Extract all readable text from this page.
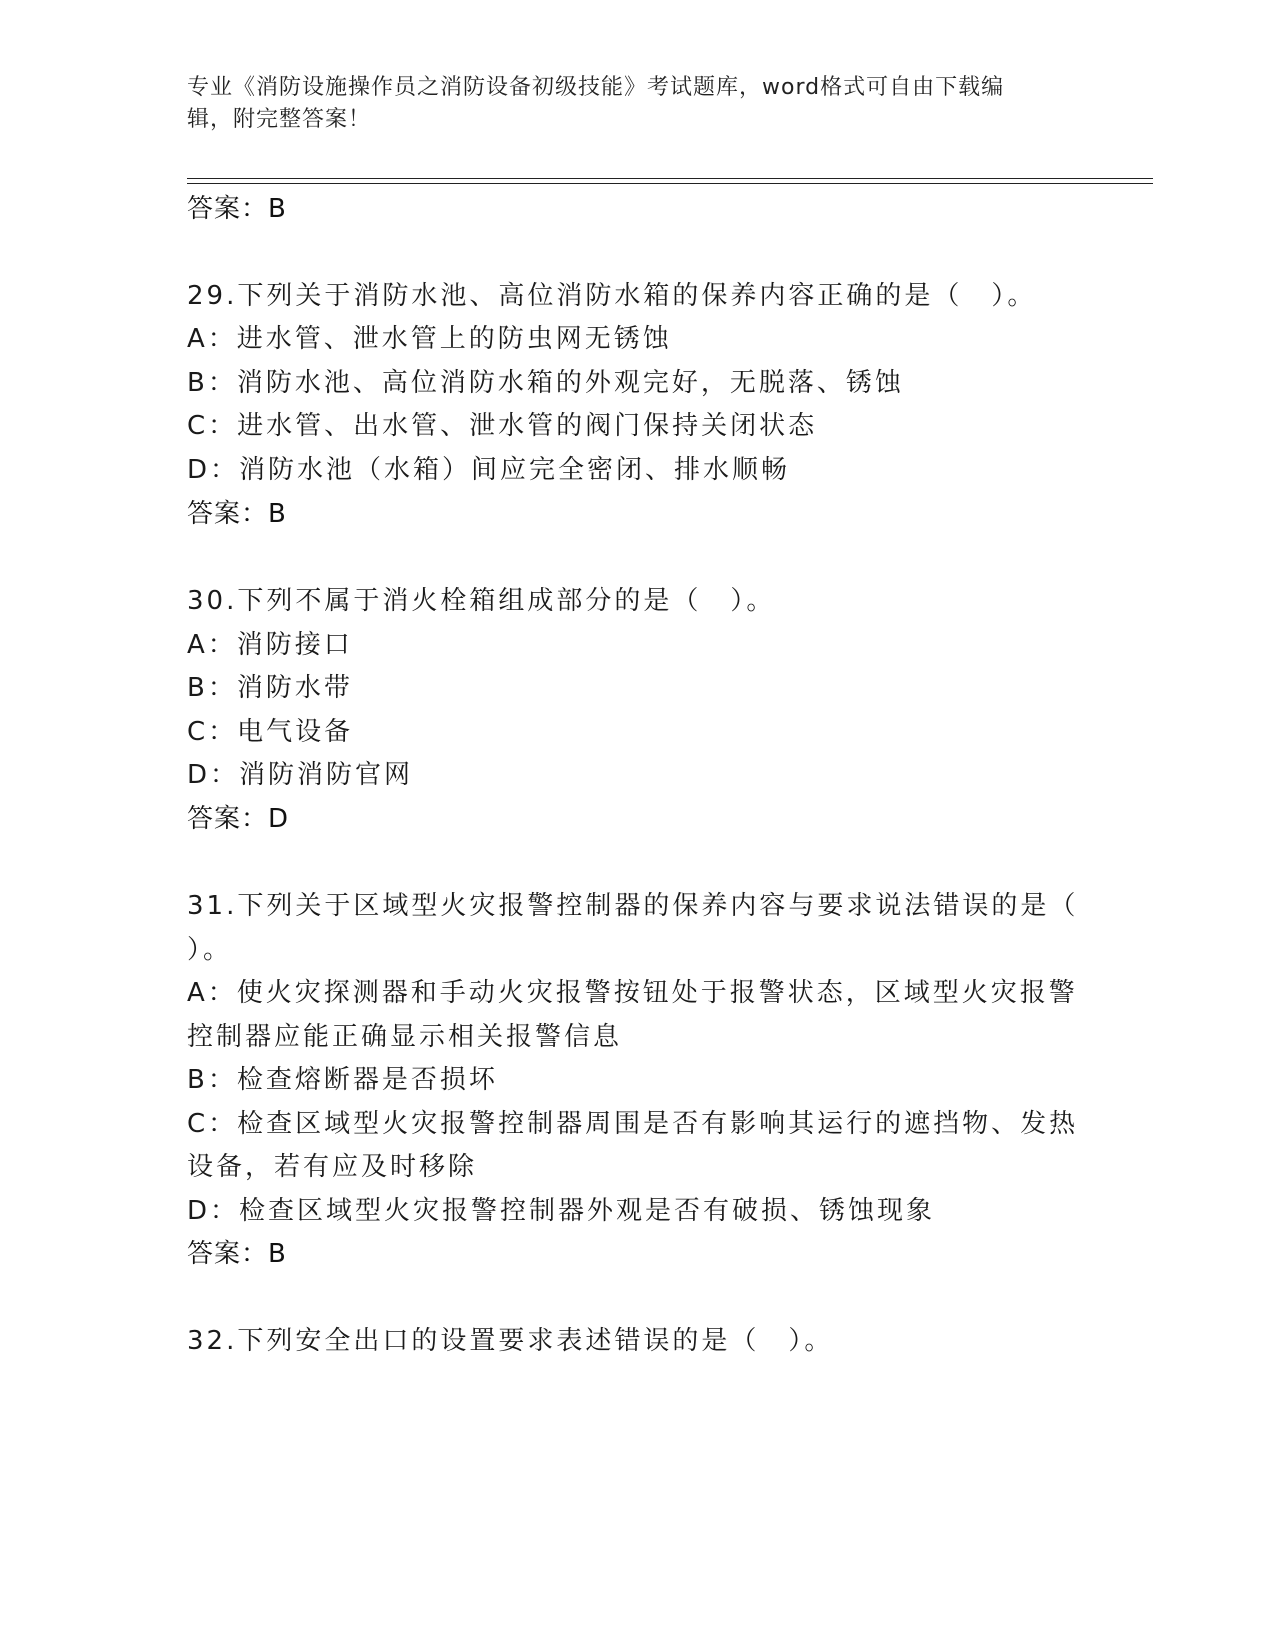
专业《消防设施操作员之消防设备初级技能》考试题库，word格式可自由下载编
辑，附完整答案！
答案：B
29.下列关于消防水池、高位消防水箱的保养内容正确的是（　）。
A：进水管、泄水管上的防虫网无锈蚀
B：消防水池、高位消防水箱的外观完好，无脱落、锈蚀
C：进水管、出水管、泄水管的阀门保持关闭状态
D：消防水池（水箱）间应完全密闭、排水顺畅
答案：B
30.下列不属于消火栓箱组成部分的是（　）。
A：消防接口
B：消防水带
C：电气设备
D：消防消防官网
答案：D
31.下列关于区域型火灾报警控制器的保养内容与要求说法错误的是（
）。
A：使火灾探测器和手动火灾报警按钮处于报警状态，区域型火灾报警
控制器应能正确显示相关报警信息
B：检查熔断器是否损坏
C：检查区域型火灾报警控制器周围是否有影响其运行的遮挡物、发热
设备，若有应及时移除
D：检查区域型火灾报警控制器外观是否有破损、锈蚀现象
答案：B
32.下列安全出口的设置要求表述错误的是（　）。
